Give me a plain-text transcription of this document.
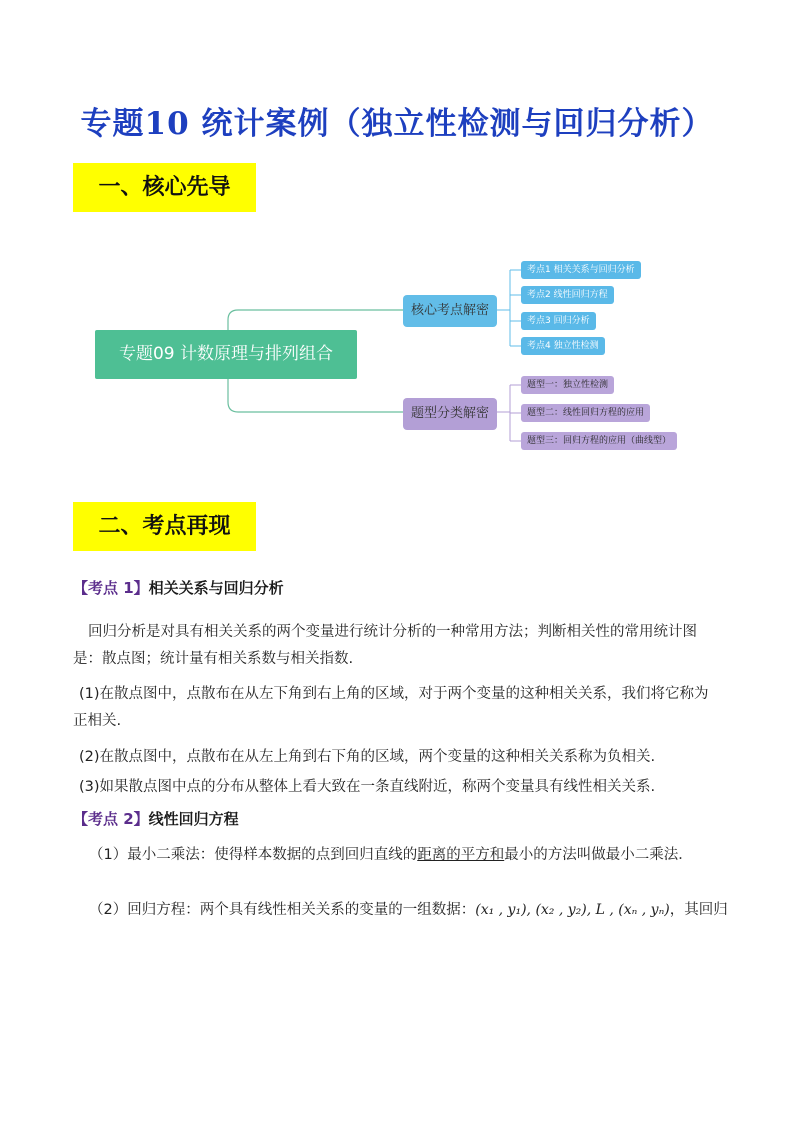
专题10 统计案例（独立性检测与回归分析）
一、核心先导
专题09 计数原理与排列组合
核心考点解密
考点1 相关关系与回归分析
考点2 线性回归方程
考点3 回归分析
考点4 独立性检测
题型分类解密
题型一：独立性检测
题型二：线性回归方程的应用
题型三：回归方程的应用（曲线型）
二、考点再现
【考点 1】相关关系与回归分析
回归分析是对具有相关关系的两个变量进行统计分析的一种常用方法；判断相关性的常用统计图是：散点图；统计量有相关系数与相关指数.
(1)在散点图中，点散布在从左下角到右上角的区域，对于两个变量的这种相关关系，我们将它称为正相关.
(2)在散点图中，点散布在从左上角到右下角的区域，两个变量的这种相关关系称为负相关.
(3)如果散点图中点的分布从整体上看大致在一条直线附近，称两个变量具有线性相关关系.
【考点 2】线性回归方程
（1）最小二乘法：使得样本数据的点到回归直线的距离的平方和最小的方法叫做最小二乘法．
（2）回归方程：两个具有线性相关关系的变量的一组数据：(x₁ , y₁), (x₂ , y₂), L , (xₙ , yₙ)，其回归
